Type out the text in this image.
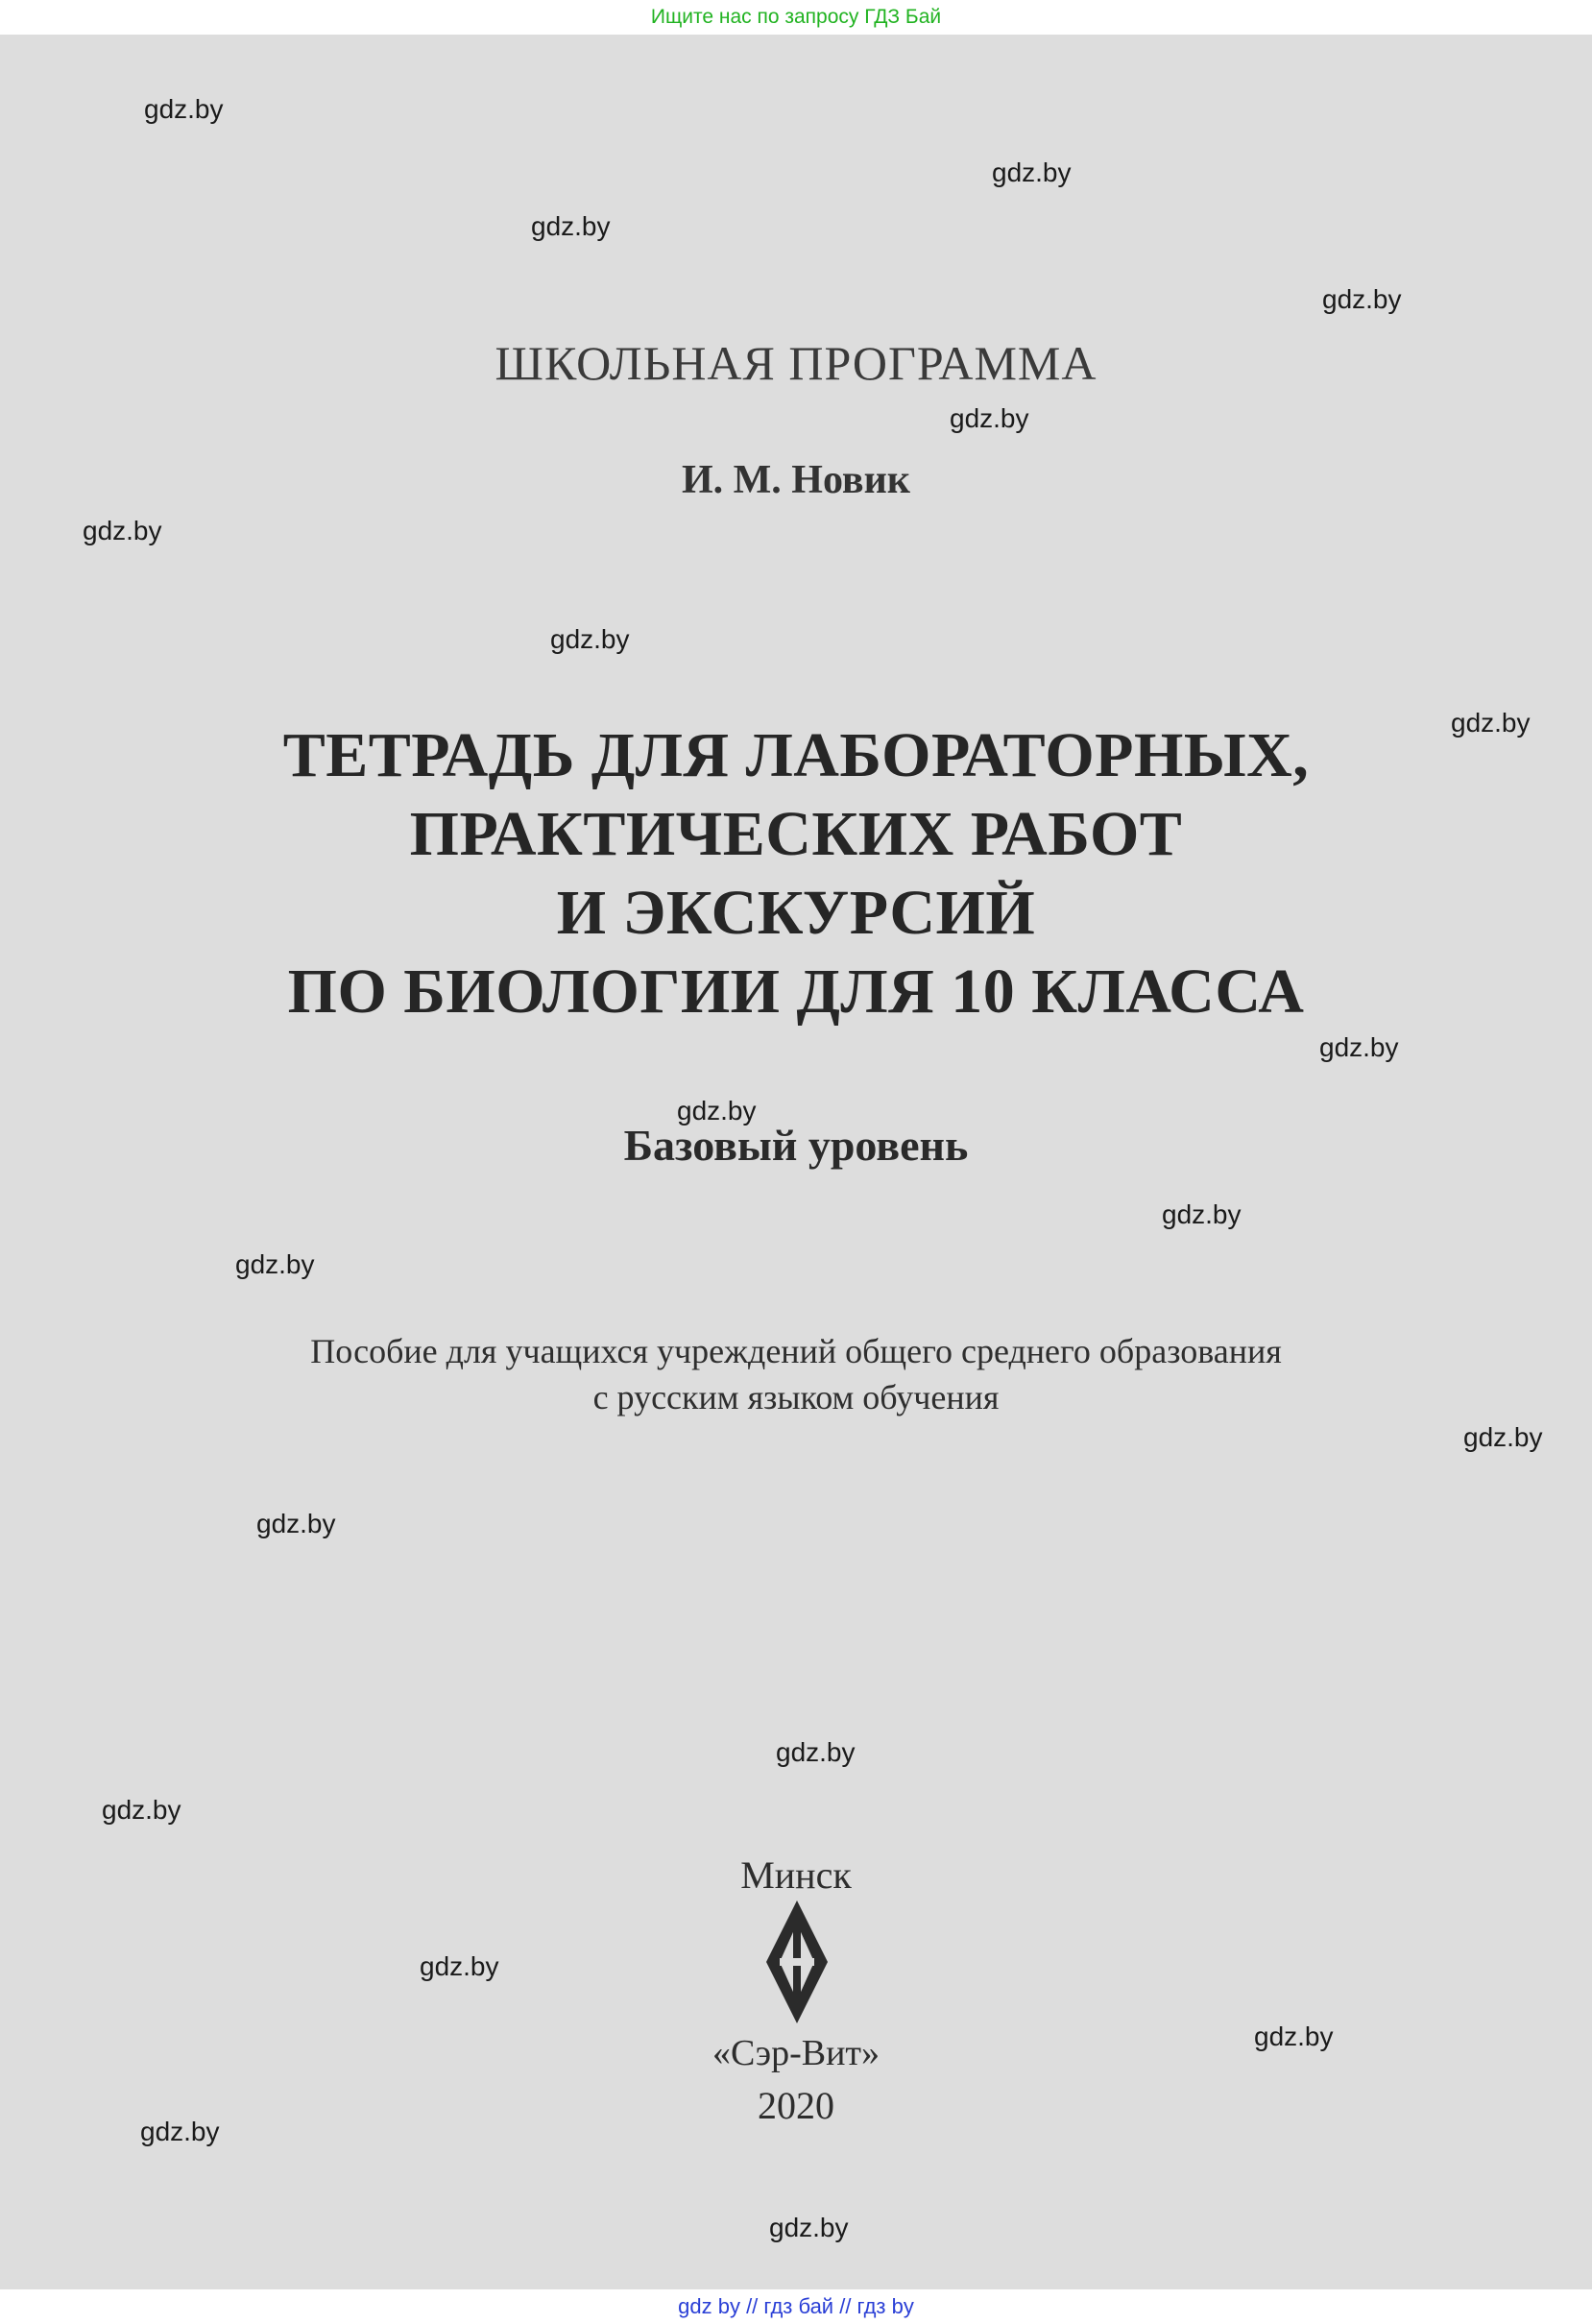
Ищите нас по запросу ГДЗ Бай
ШКОЛЬНАЯ ПРОГРАММА
И. М. Новик
ТЕТРАДЬ ДЛЯ ЛАБОРАТОРНЫХ,
ПРАКТИЧЕСКИХ РАБОТ
И ЭКСКУРСИЙ
ПО БИОЛОГИИ ДЛЯ 10 КЛАССА
Базовый уровень
Пособие для учащихся учреждений общего среднего образования
с русским языком обучения
Минск
«Сэр-Вит»
2020
gdz.by
gdz.by
gdz.by
gdz.by
gdz.by
gdz.by
gdz.by
gdz.by
gdz.by
gdz.by
gdz.by
gdz.by
gdz.by
gdz.by
gdz.by
gdz.by
gdz.by
gdz.by
gdz.by
gdz.by
gdz by // гдз бай // гдз by
